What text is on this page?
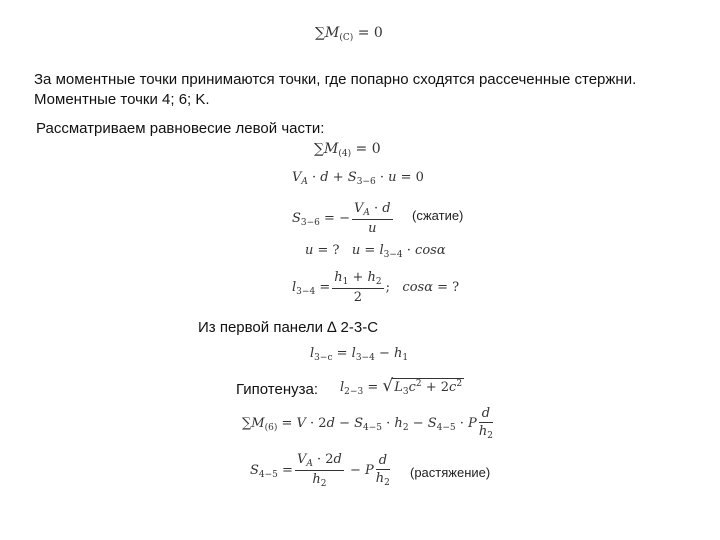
$\sum M_{(С)} = 0$
За моментные точки принимаются точки, где попарно сходятся рассеченные стержни.
Моментные точки 4; 6; K.
Рассматриваем равновесие левой части:
$\sum M_{(4)} = 0$
$V_A \cdot d + S_{3-6} \cdot u = 0$
$S_{3-6}$ = − $\frac{V_A \cdot d}{u}$ (сжатие)
u = ?   $u = l_{3-4} \cdot \cos\alpha$
$l_{3-4} = \frac{h_1 + h_2}{2}$ ;   cosα = ?
Из первой панели ∆ 2-3-С
$l_{3-c} = l_{3-4} - h_1$
Гипотенуза: $l_{2-3} = √L_3c^2 + 2c^2$
$\sum M_{(6)} = V \cdot 2d - S_{4-5} \cdot h_2 - S_{4-5} \cdot P \frac{d}{h_2}$
$S_{4-5} = \frac{V_A \cdot 2d}{h_2} - P \frac{d}{h_2}$ (растяжение)
